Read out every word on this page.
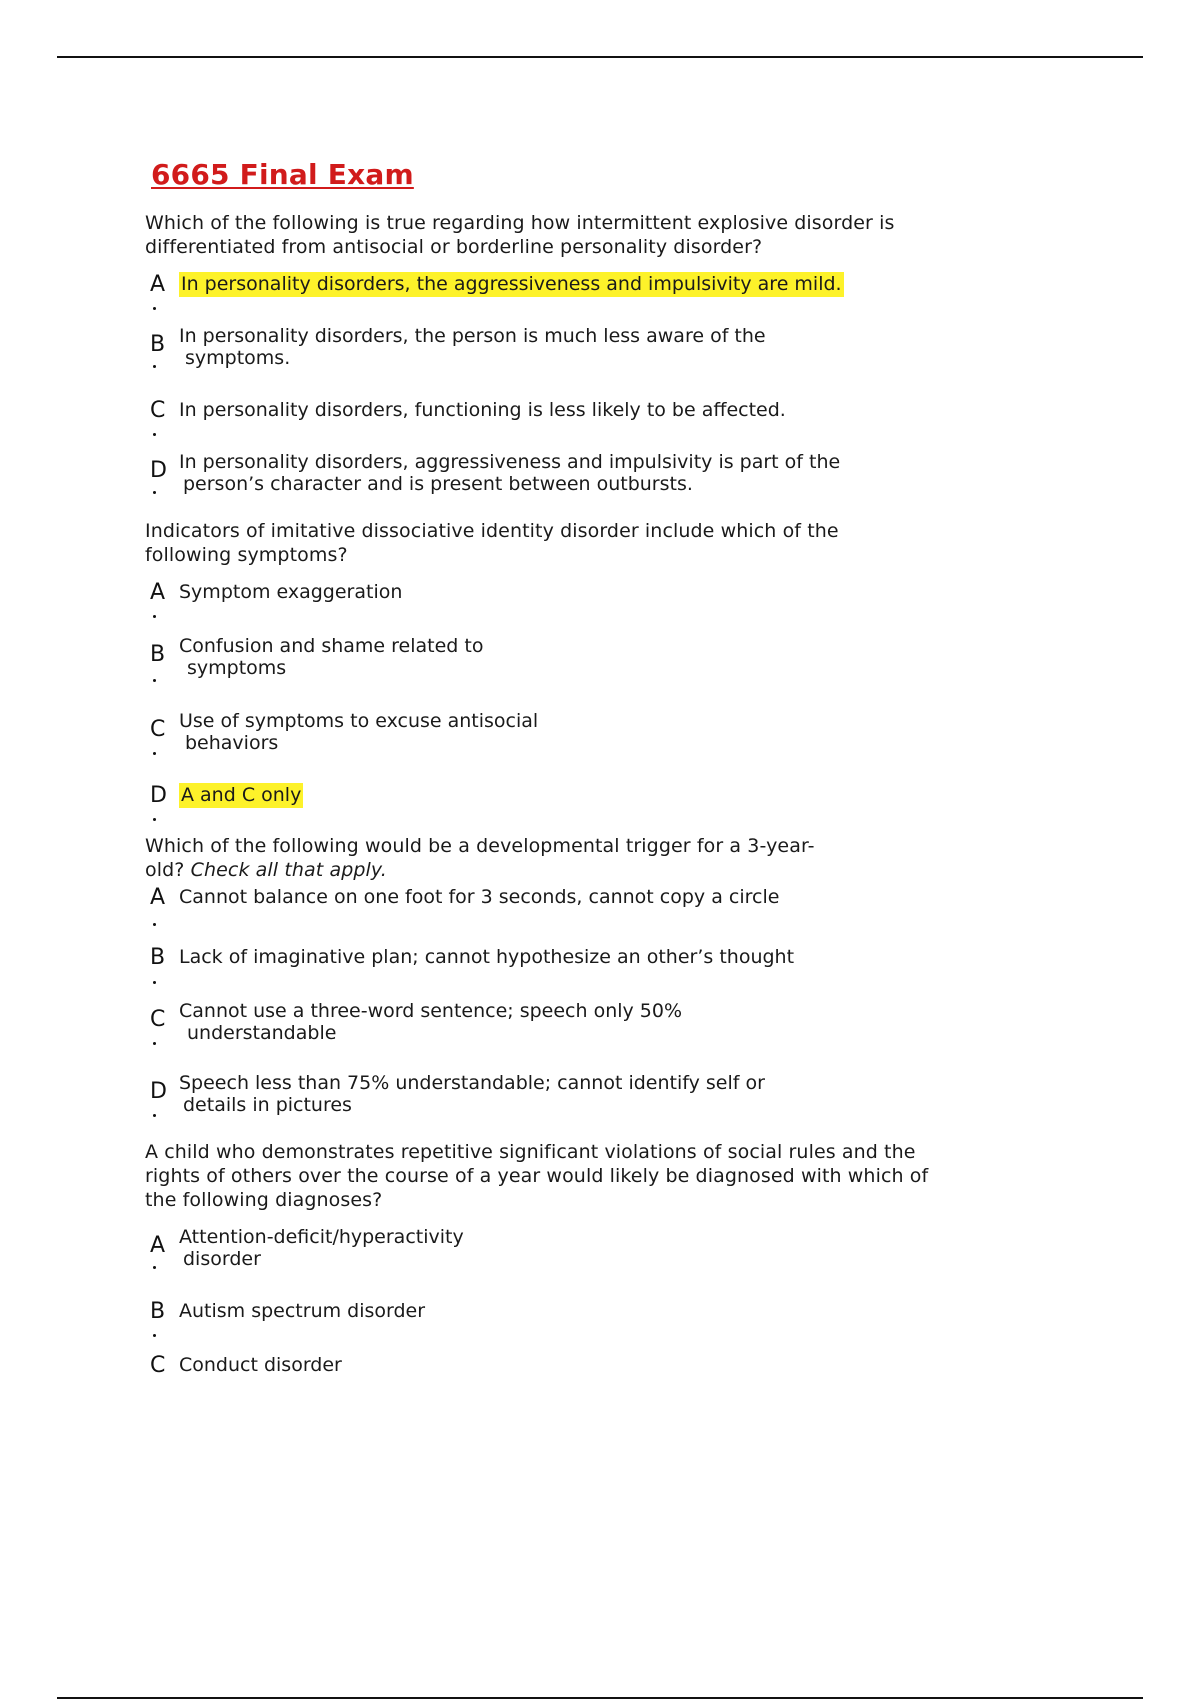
6665 Final Exam
Which of the following is true regarding how intermittent explosive disorder is differentiated from antisocial or borderline personality disorder?
A In personality disorders, the aggressiveness and impulsivity are mild.
B In personality disorders, the person is much less aware of the
symptoms.
C In personality disorders, functioning is less likely to be affected.
D In personality disorders, aggressiveness and impulsivity is part of the
person’s character and is present between outbursts.
Indicators of imitative dissociative identity disorder include which of the following symptoms?
A Symptom exaggeration
B Confusion and shame related to
symptoms
C Use of symptoms to excuse antisocial
behaviors
D A and C only
Which of the following would be a developmental trigger for a 3-year-old? Check all that apply.
A Cannot balance on one foot for 3 seconds, cannot copy a circle
B Lack of imaginative plan; cannot hypothesize an other’s thought
C Cannot use a three-word sentence; speech only 50%
understandable
D Speech less than 75% understandable; cannot identify self or
details in pictures
A child who demonstrates repetitive significant violations of social rules and the rights of others over the course of a year would likely be diagnosed with which of the following diagnoses?
A Attention-deficit/hyperactivity
disorder
B Autism spectrum disorder
C Conduct disorder
